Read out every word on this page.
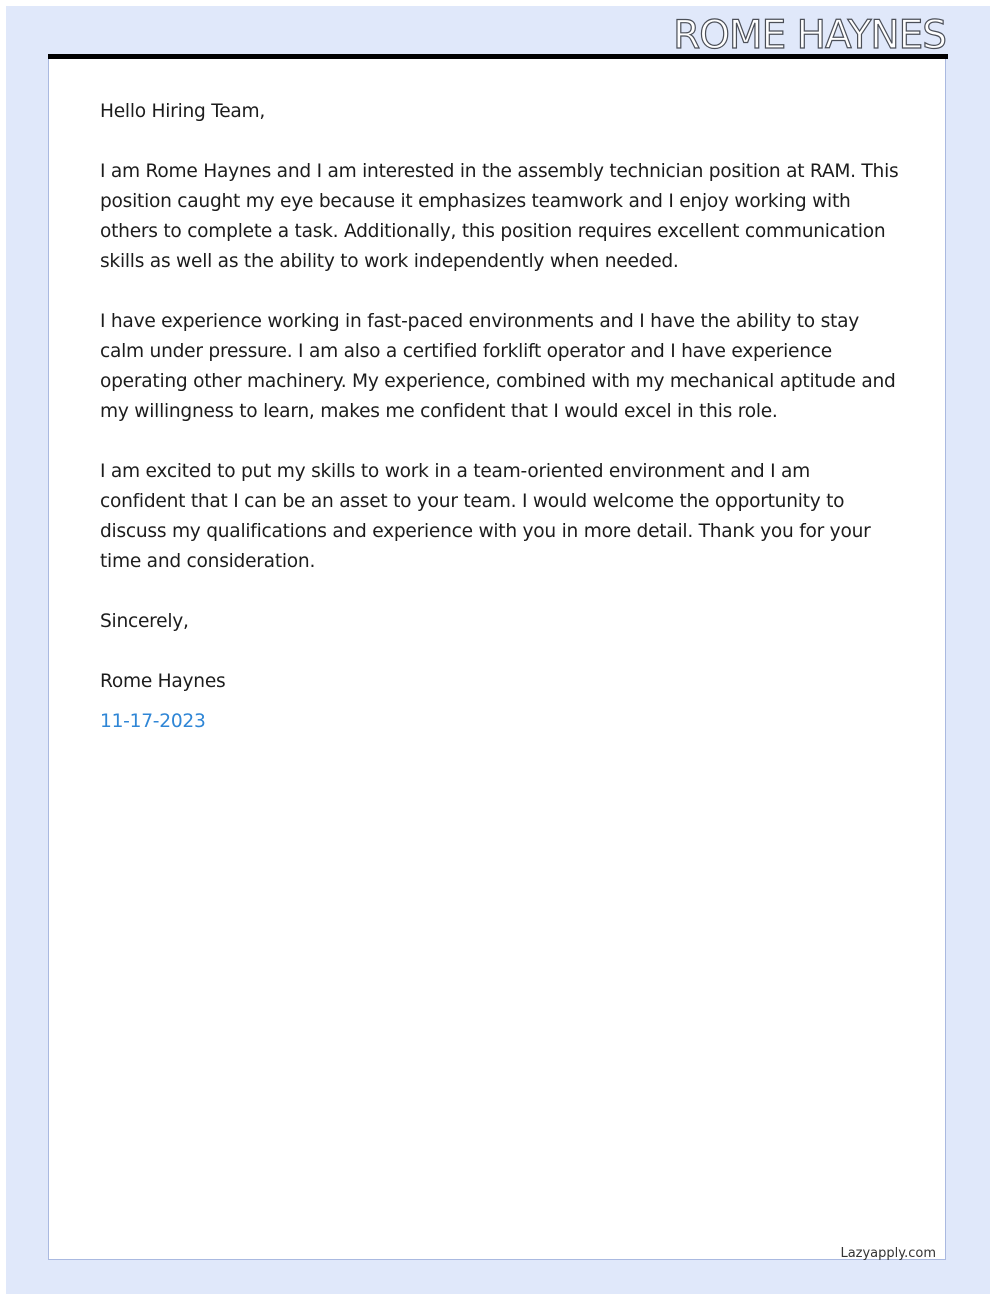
ROME HAYNES

Hello Hiring Team,

I am Rome Haynes and I am interested in the assembly technician position at RAM. This position caught my eye because it emphasizes teamwork and I enjoy working with others to complete a task. Additionally, this position requires excellent communication skills as well as the ability to work independently when needed.

I have experience working in fast-paced environments and I have the ability to stay calm under pressure. I am also a certified forklift operator and I have experience operating other machinery. My experience, combined with my mechanical aptitude and my willingness to learn, makes me confident that I would excel in this role.

I am excited to put my skills to work in a team-oriented environment and I am confident that I can be an asset to your team. I would welcome the opportunity to discuss my qualifications and experience with you in more detail. Thank you for your time and consideration.

Sincerely,

Rome Haynes

11-17-2023

Lazyapply.com
